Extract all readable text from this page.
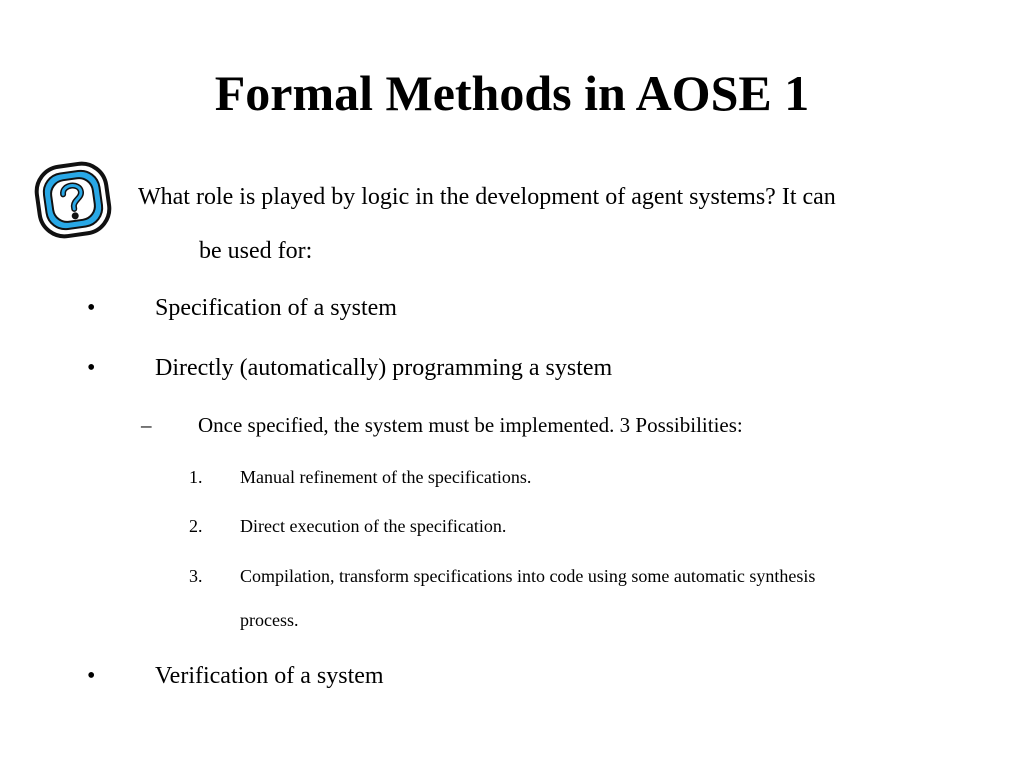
Formal Methods in AOSE 1
What role is played by logic in the development of agent systems? It can
be used for:
• Specification of a system
• Directly (automatically) programming a system
– Once specified, the system must be implemented. 3 Possibilities:
1. Manual refinement of the specifications.
2. Direct execution of the specification.
3. Compilation, transform specifications into code using some automatic synthesis
process.
• Verification of a system
